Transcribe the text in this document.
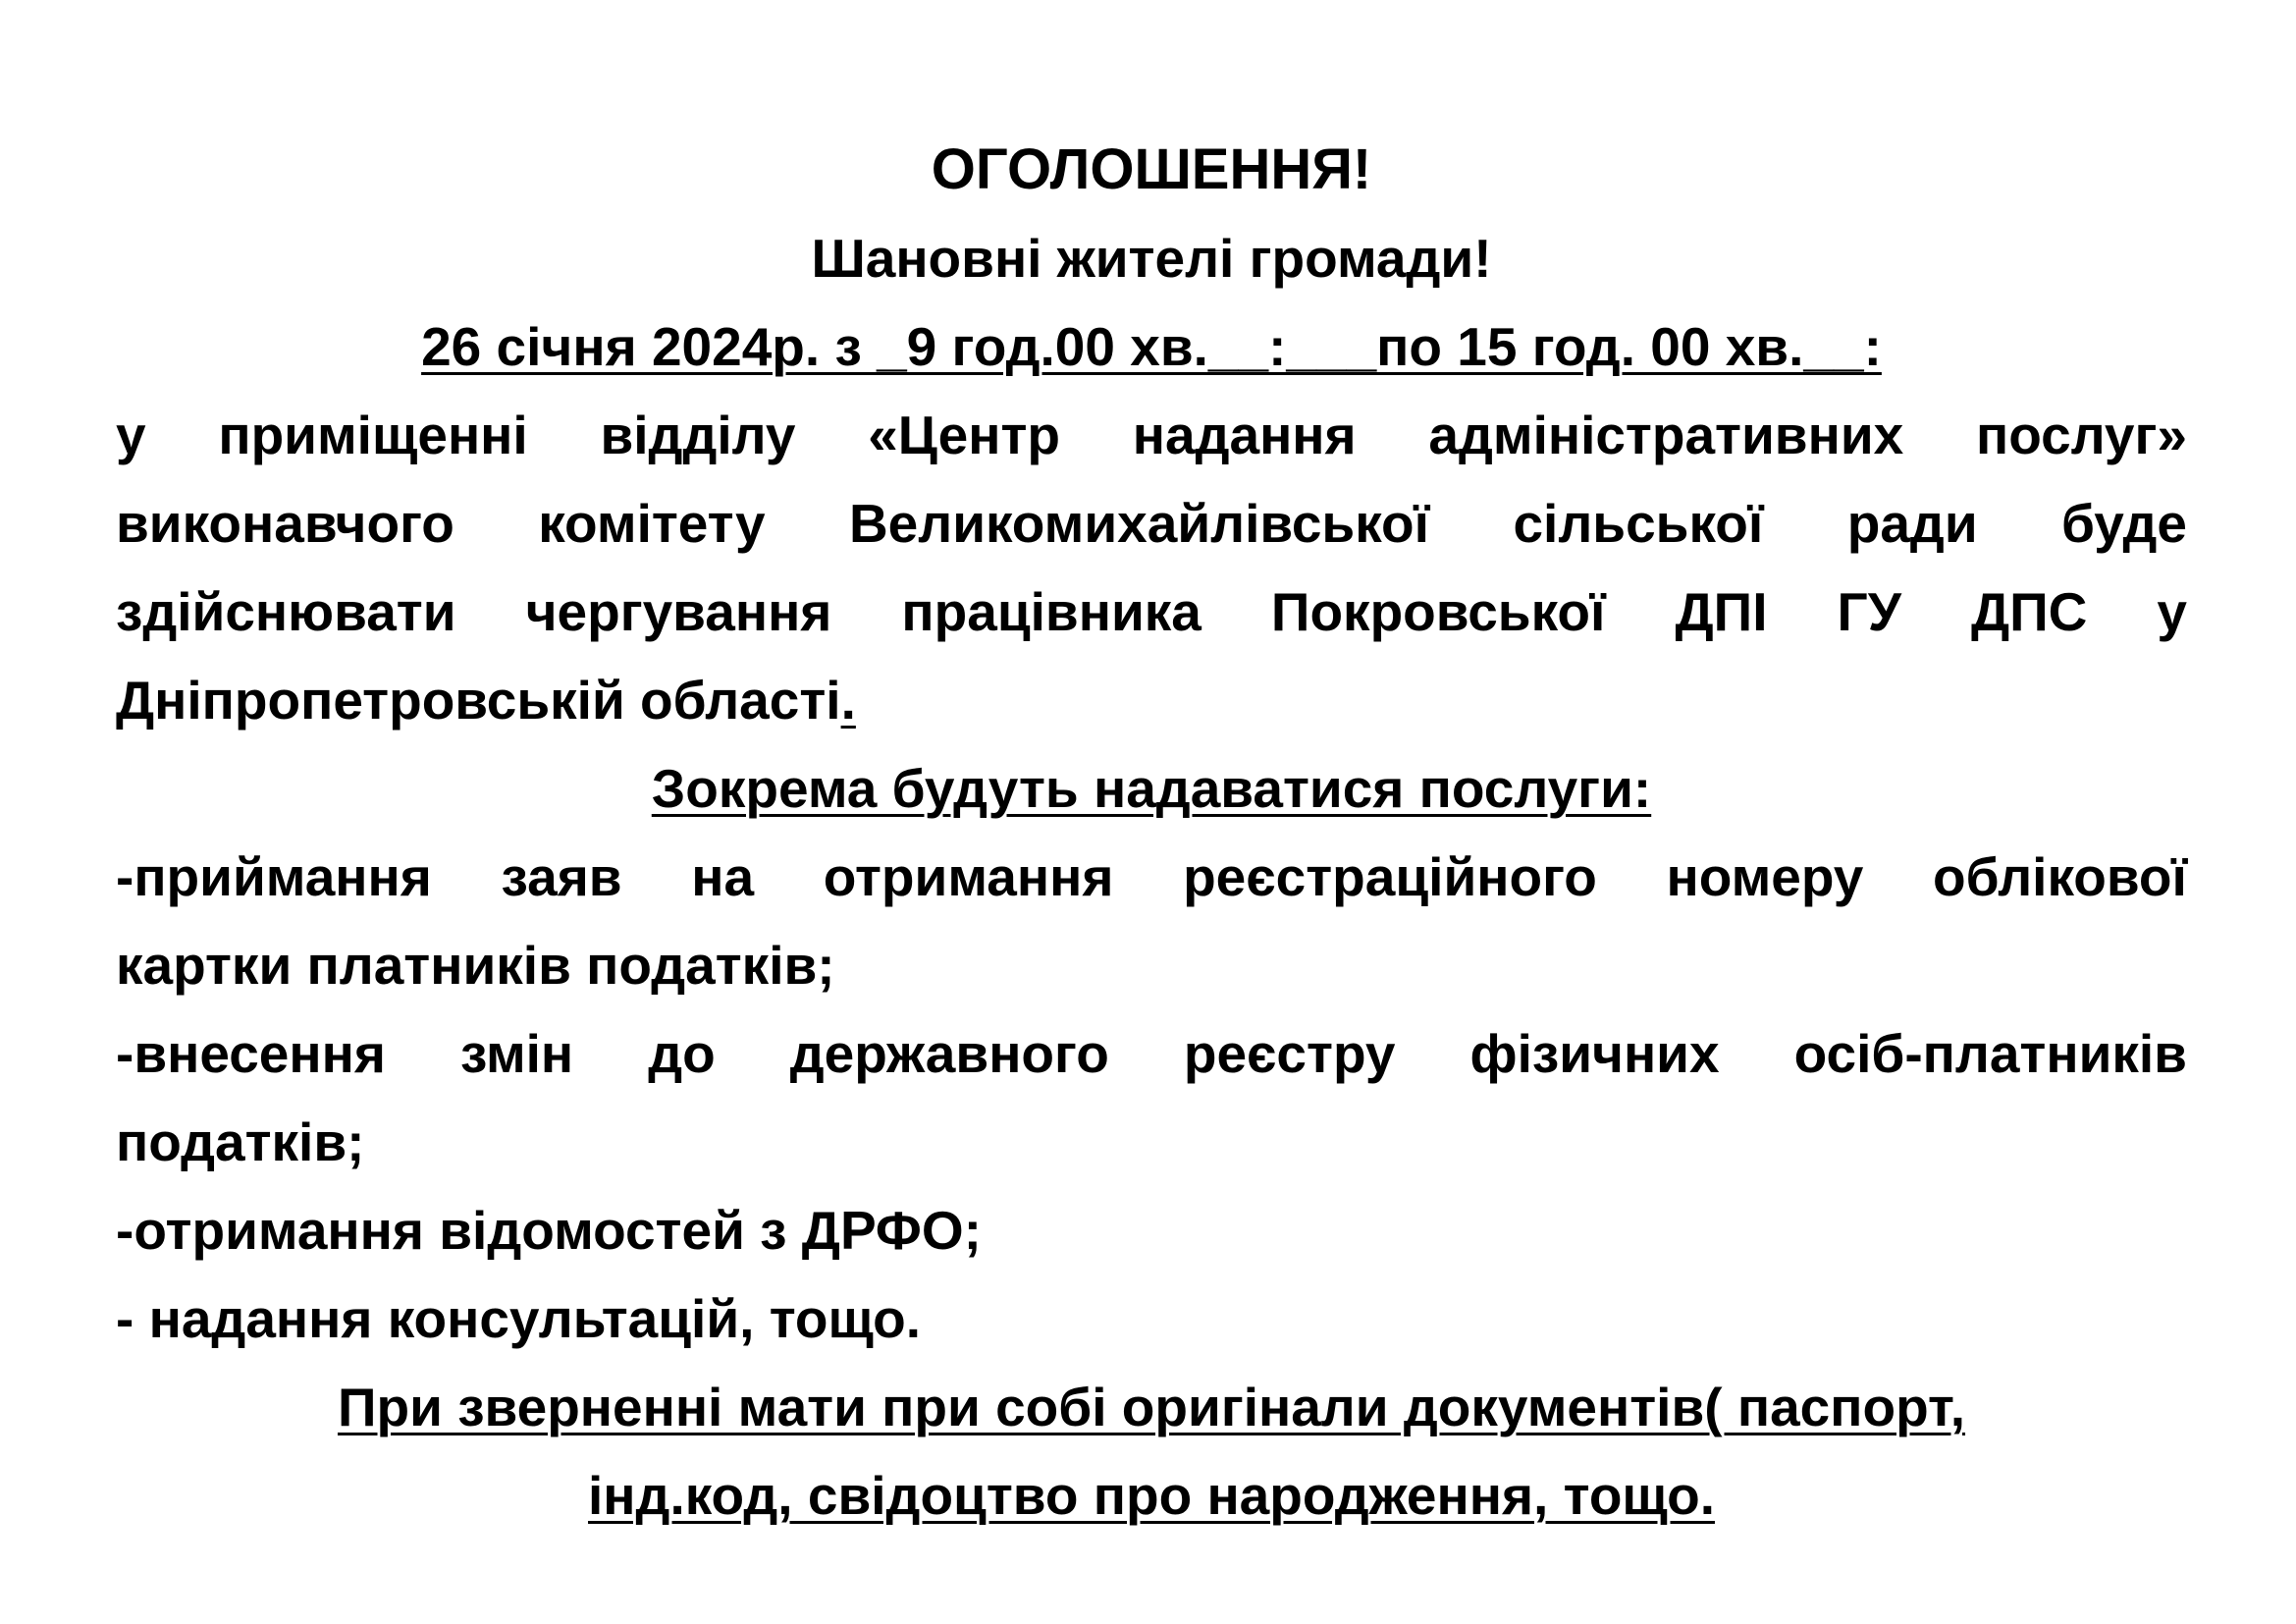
ОГОЛОШЕННЯ!

Шановні жителі громади!

26 січня 2024р. з _9 год.00 хв.__:___по 15 год. 00 хв.__:

у приміщенні відділу «Центр надання адміністративних послуг»

виконавчого комітету Великомихайлівської сільської ради буде

здійснювати чергування працівника Покровської ДПІ ГУ ДПС у

Дніпропетровській області.

Зокрема будуть надаватися послуги:

-приймання заяв на отримання реєстраційного номеру облікової

картки платників податків;

-внесення змін до державного реєстру фізичних осіб-платників

податків;

-отримання відомостей з ДРФО;

- надання консультацій, тощо.

При зверненні мати при собі оригінали документів( паспорт,

інд.код, свідоцтво про народження, тощо.
